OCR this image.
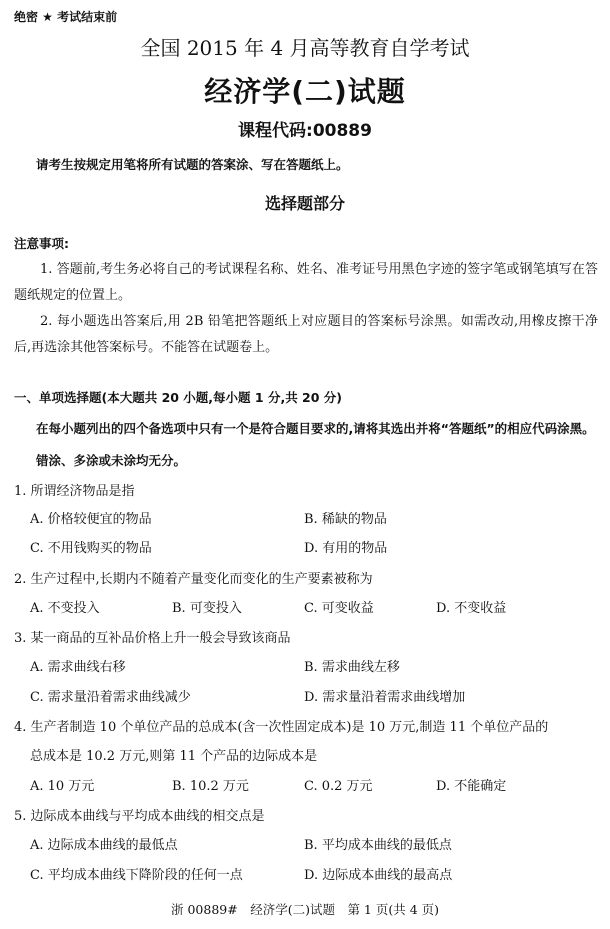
绝密 ★ 考试结束前
全国 2015 年 4 月高等教育自学考试
经济学(二)试题
课程代码:00889
请考生按规定用笔将所有试题的答案涂、写在答题纸上。
选择题部分
注意事项:
1. 答题前,考生务必将自己的考试课程名称、姓名、准考证号用黑色字迹的签字笔或钢笔填写在答题纸规定的位置上。
2. 每小题选出答案后,用 2B 铅笔把答题纸上对应题目的答案标号涂黑。如需改动,用橡皮擦干净后,再选涂其他答案标号。不能答在试题卷上。
一、单项选择题(本大题共 20 小题,每小题 1 分,共 20 分)
在每小题列出的四个备选项中只有一个是符合题目要求的,请将其选出并将“答题纸”的相应代码涂黑。错涂、多涂或未涂均无分。
1. 所谓经济物品是指
A. 价格较便宜的物品	B. 稀缺的物品
C. 不用钱购买的物品	D. 有用的物品
2. 生产过程中,长期内不随着产量变化而变化的生产要素被称为
A. 不变投入	B. 可变投入	C. 可变收益	D. 不变收益
3. 某一商品的互补品价格上升一般会导致该商品
A. 需求曲线右移	B. 需求曲线左移
C. 需求量沿着需求曲线减少	D. 需求量沿着需求曲线增加
4. 生产者制造 10 个单位产品的总成本(含一次性固定成本)是 10 万元,制造 11 个单位产品的
总成本是 10.2 万元,则第 11 个产品的边际成本是
A. 10 万元	B. 10.2 万元	C. 0.2 万元	D. 不能确定
5. 边际成本曲线与平均成本曲线的相交点是
A. 边际成本曲线的最低点	B. 平均成本曲线的最低点
C. 平均成本曲线下降阶段的任何一点	D. 边际成本曲线的最高点
浙 00889#　经济学(二)试题　第 1 页(共 4 页)
